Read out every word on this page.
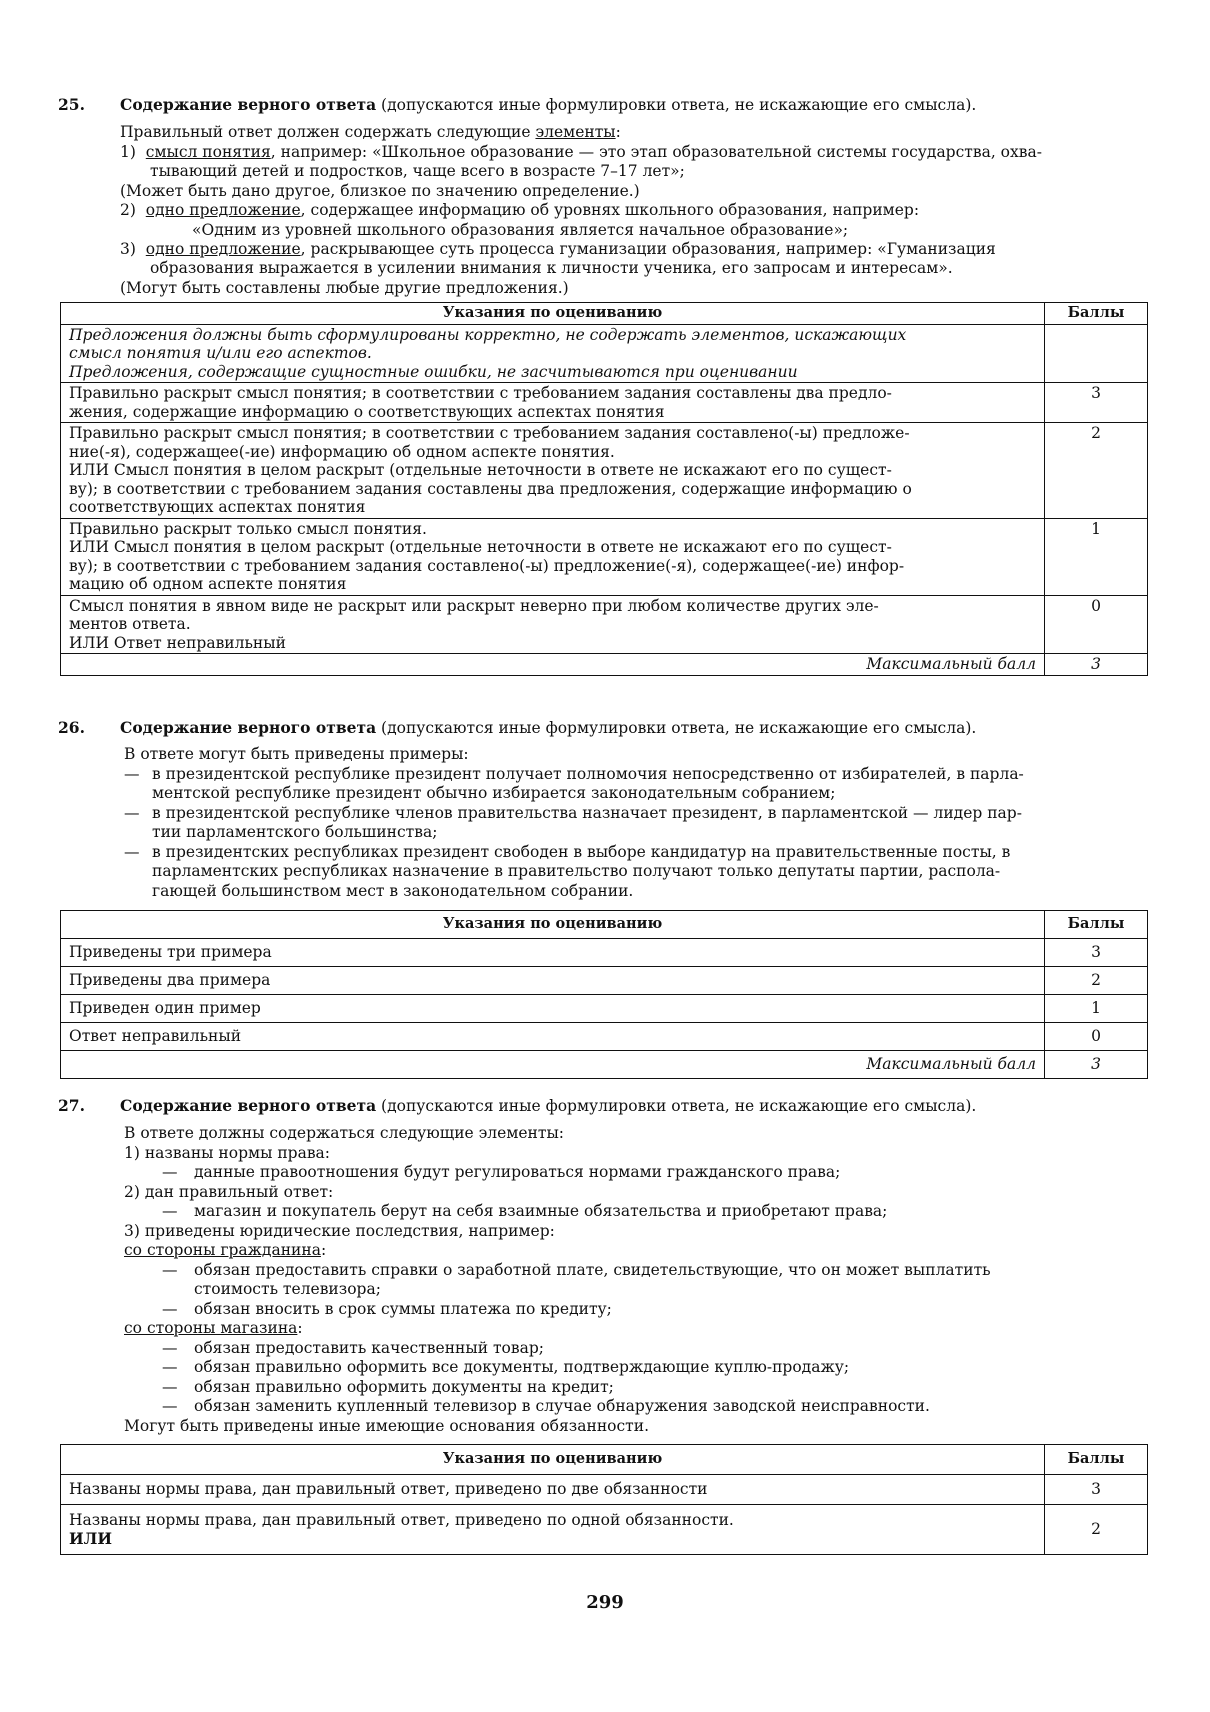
25. Содержание верного ответа (допускаются иные формулировки ответа, не искажающие его смысла).
Правильный ответ должен содержать следующие элементы:
1) смысл понятия, например: «Школьное образование — это этап образовательной системы государства, охва-
тывающий детей и подростков, чаще всего в возрасте 7–17 лет»;
(Может быть дано другое, близкое по значению определение.)
2) одно предложение, содержащее информацию об уровнях школьного образования, например:
«Одним из уровней школьного образования является начальное образование»;
3) одно предложение, раскрывающее суть процесса гуманизации образования, например: «Гуманизация
образования выражается в усилении внимания к личности ученика, его запросам и интересам».
(Могут быть составлены любые другие предложения.)
Указания по оцениванию	Баллы

Предложения должны быть сформулированы корректно, не содержать элементов, искажающих
смысл понятия и/или его аспектов.
Предложения, содержащие сущностные ошибки, не засчитываются при оценивании	

Правильно раскрыт смысл понятия; в соответствии с требованием задания составлены два предло-
жения, содержащие информацию о соответствующих аспектах понятия	3

Правильно раскрыт смысл понятия; в соответствии с требованием задания составлено(-ы) предложе-
ние(-я), содержащее(-ие) информацию об одном аспекте понятия.
ИЛИ Смысл понятия в целом раскрыт (отдельные неточности в ответе не искажают его по сущест-
ву); в соответствии с требованием задания составлены два предложения, содержащие информацию о
соответствующих аспектах понятия	2

Правильно раскрыт только смысл понятия.
ИЛИ Смысл понятия в целом раскрыт (отдельные неточности в ответе не искажают его по сущест-
ву); в соответствии с требованием задания составлено(-ы) предложение(-я), содержащее(-ие) инфор-
мацию об одном аспекте понятия	1

Смысл понятия в явном виде не раскрыт или раскрыт неверно при любом количестве других эле-
ментов ответа.
ИЛИ Ответ неправильный	0
Максимальный балл	3
26. Содержание верного ответа (допускаются иные формулировки ответа, не искажающие его смысла).
В ответе могут быть приведены примеры:
— в президентской республике президент получает полномочия непосредственно от избирателей, в парла-
ментской республике президент обычно избирается законодательным собранием;
— в президентской республике членов правительства назначает президент, в парламентской — лидер пар-
тии парламентского большинства;
— в президентских республиках президент свободен в выборе кандидатур на правительственные посты, в
парламентских республиках назначение в правительство получают только депутаты партии, распола-
гающей большинством мест в законодательном собрании.
Указания по оцениванию	Баллы
Приведены три примера	3
Приведены два примера	2
Приведен один пример	1
Ответ неправильный	0
Максимальный балл	3
27. Содержание верного ответа (допускаются иные формулировки ответа, не искажающие его смысла).
В ответе должны содержаться следующие элементы:
1) названы нормы права:
— данные правоотношения будут регулироваться нормами гражданского права;
2) дан правильный ответ:
— магазин и покупатель берут на себя взаимные обязательства и приобретают права;
3) приведены юридические последствия, например:
со стороны гражданина:
— обязан предоставить справки о заработной плате, свидетельствующие, что он может выплатить
стоимость телевизора;
— обязан вносить в срок суммы платежа по кредиту;
со стороны магазина:
— обязан предоставить качественный товар;
— обязан правильно оформить все документы, подтверждающие куплю-продажу;
— обязан правильно оформить документы на кредит;
— обязан заменить купленный телевизор в случае обнаружения заводской неисправности.
Могут быть приведены иные имеющие основания обязанности.
Указания по оцениванию	Баллы
Названы нормы права, дан правильный ответ, приведено по две обязанности	3

Названы нормы права, дан правильный ответ, приведено по одной обязанности.
ИЛИ	2
299
